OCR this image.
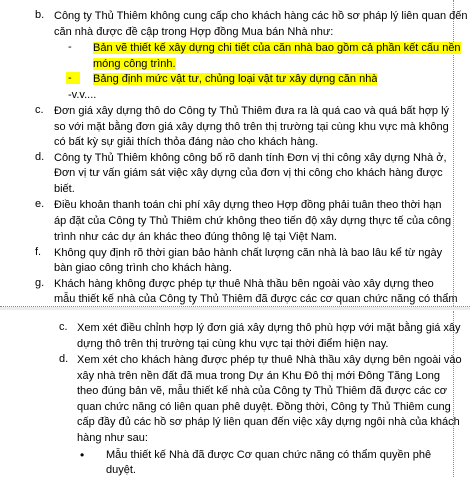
b. Công ty Thủ Thiêm không cung cấp cho khách hàng các hồ sơ pháp lý liên quan đến
căn nhà được đề cập trong Hợp đồng Mua bán Nhà như:
- Bản vẽ thiết kế xây dựng chi tiết của căn nhà bao gồm cả phần kết cấu nền
móng công trình.
-	Bảng định mức vật tư, chủng loại vật tư xây dựng căn nhà
-v.v....
c. Đơn giá xây dựng thô do Công ty Thủ Thiêm đưa ra là quá cao và quá bất hợp lý
so với mặt bằng đơn giá xây dựng thô trên thị trường tại cùng khu vực mà không
có bất kỳ sự giải thích thỏa đáng nào cho khách hàng.
d. Công ty Thủ Thiêm không công bố rõ danh tính Đơn vị thi công xây dựng Nhà ở,
Đơn vị tư vấn giám sát việc xây dựng của đơn vị thi công cho khách hàng được
biết.
e. Điều khoản thanh toán chi phí xây dựng theo Hợp đồng phải tuân theo thời hạn
áp đặt của Công ty Thủ Thiêm chứ không theo tiến độ xây dựng thực tế của công
trình như các dự án khác theo đúng thông lệ tại Việt Nam.
f. Không quy định rõ thời gian bảo hành chất lượng căn nhà là bao lâu kể từ ngày
bàn giao công trình cho khách hàng.
g. Khách hàng không được phép tự thuê Nhà thầu bên ngoài vào xây dựng theo
mẫu thiết kế nhà của Công ty Thủ Thiêm đã được các cơ quan chức năng có thẩm
c. Xem xét điều chỉnh hợp lý đơn giá xây dựng thô phù hợp với mặt bằng giá xây
dựng thô trên thị trường tại cùng khu vực tại thời điểm hiện nay.
d. Xem xét cho khách hàng được phép tự thuê Nhà thầu xây dựng bên ngoài vào
xây nhà trên nền đất đã mua trong Dự án Khu Đô thị mới Đông Tăng Long
theo đúng bản vẽ, mẫu thiết kế nhà của Công ty Thủ Thiêm đã được các cơ
quan chức năng có liên quan phê duyệt. Đồng thời, Công ty Thủ Thiêm cung
cấp đầy đủ các hồ sơ pháp lý liên quan đến việc xây dựng ngôi nhà của khách
hàng như sau:
• Mẫu thiết kế Nhà đã được Cơ quan chức năng có thẩm quyền phê
duyệt.
